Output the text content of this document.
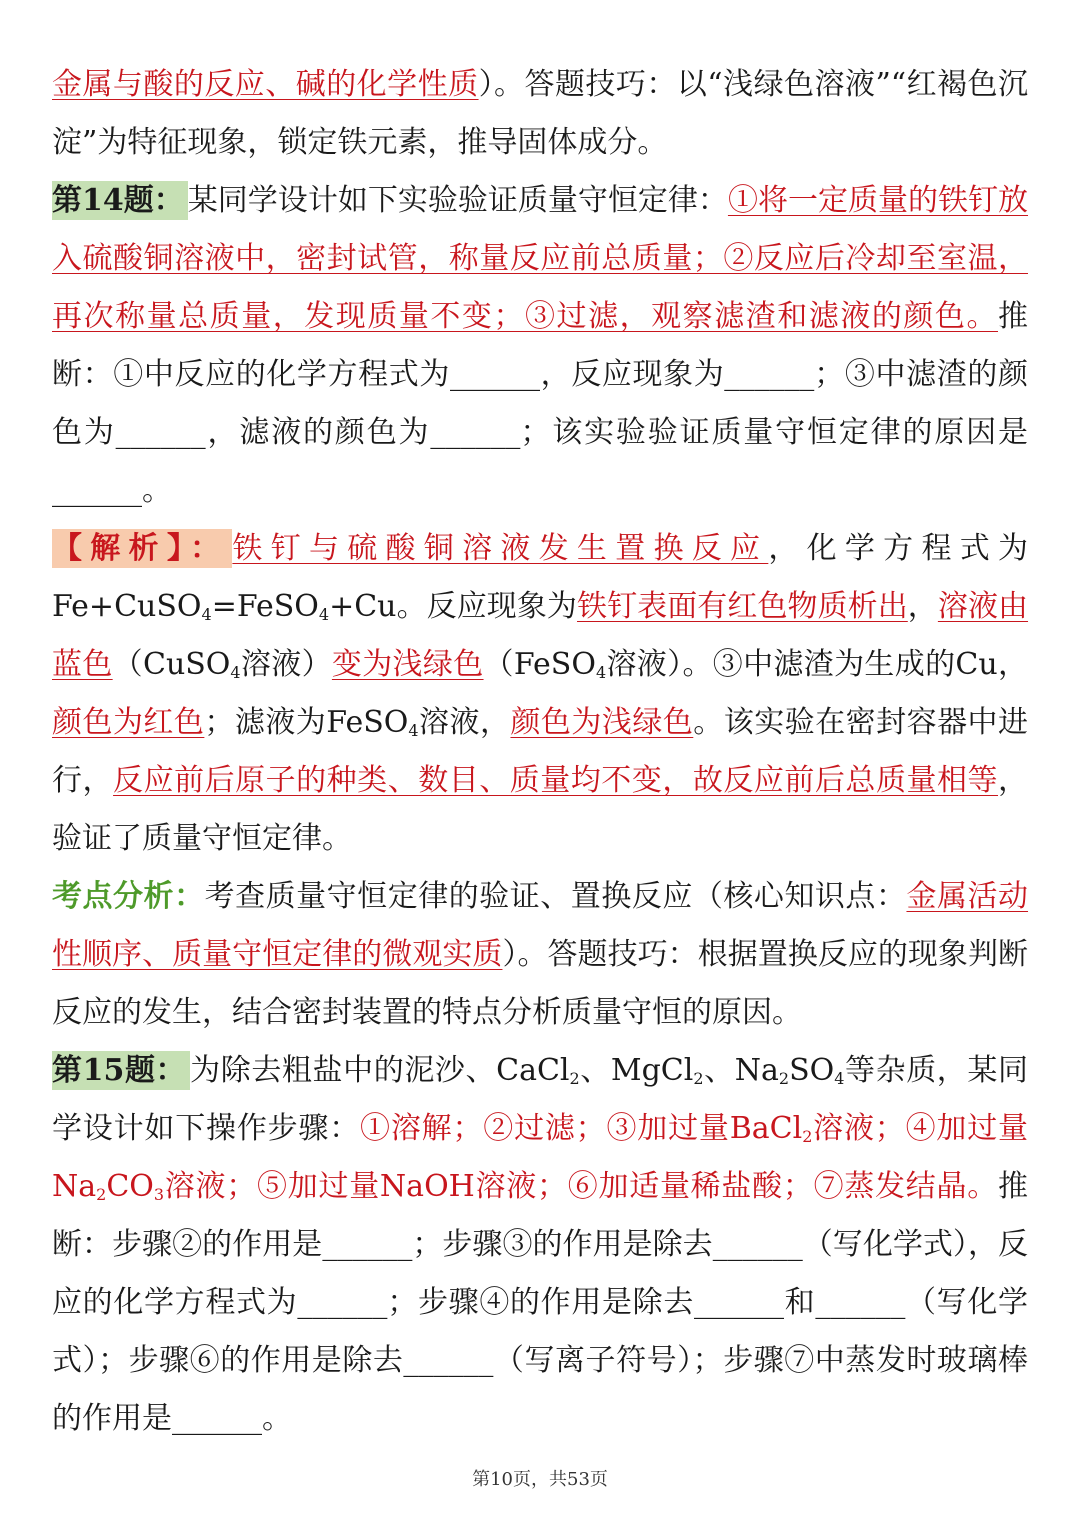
金属与酸的反应、碱的化学性质）。答题技巧：以“浅绿色溶液”“红褐色沉淀”为特征现象，锁定铁元素，推导固体成分。

第14题： 某同学设计如下实验验证质量守恒定律：①将一定质量的铁钉放入硫酸铜溶液中，密封试管，称量反应前总质量；②反应后冷却至室温，再次称量总质量，发现质量不变；③过滤，观察滤渣和滤液的颜色。推断：①中反应的化学方程式为______，反应现象为______；③中滤渣的颜色为______，滤液的颜色为______；该实验验证质量守恒定律的原因是______。

【解析】： 铁钉与硫酸铜溶液发生置换反应，化学方程式为Fe+CuSO$_4$=FeSO$_4$+Cu。反应现象为铁钉表面有红色物质析出，溶液由蓝色（CuSO$_4$溶液）变为浅绿色（FeSO$_4$溶液）。③中滤渣为生成的Cu，颜色为红色；滤液为FeSO$_4$溶液，颜色为浅绿色。该实验在密封容器中进行，反应前后原子的种类、数目、质量均不变，故反应前后总质量相等，验证了质量守恒定律。

考点分析：考查质量守恒定律的验证、置换反应（核心知识点：金属活动性顺序、质量守恒定律的微观实质）。答题技巧：根据置换反应的现象判断反应的发生，结合密封装置的特点分析质量守恒的原因。

第15题： 为除去粗盐中的泥沙、CaCl$_2$、MgCl$_2$、$Na_2SO_4$等杂质，某同学设计如下操作步骤：①溶解；②过滤；③加过量BaCl$_2$溶液；④加过量$Na_2CO_3$溶液；⑤加过量NaOH溶液；⑥加适量稀盐酸；⑦蒸发结晶。推断：步骤②的作用是______；步骤③的作用是除去______（写化学式），反应的化学方程式为______；步骤④的作用是除去______和______（写化学式）；步骤⑥的作用是除去______（写离子符号）；步骤⑦中蒸发时玻璃棒的作用是______。

第10页，共53页
